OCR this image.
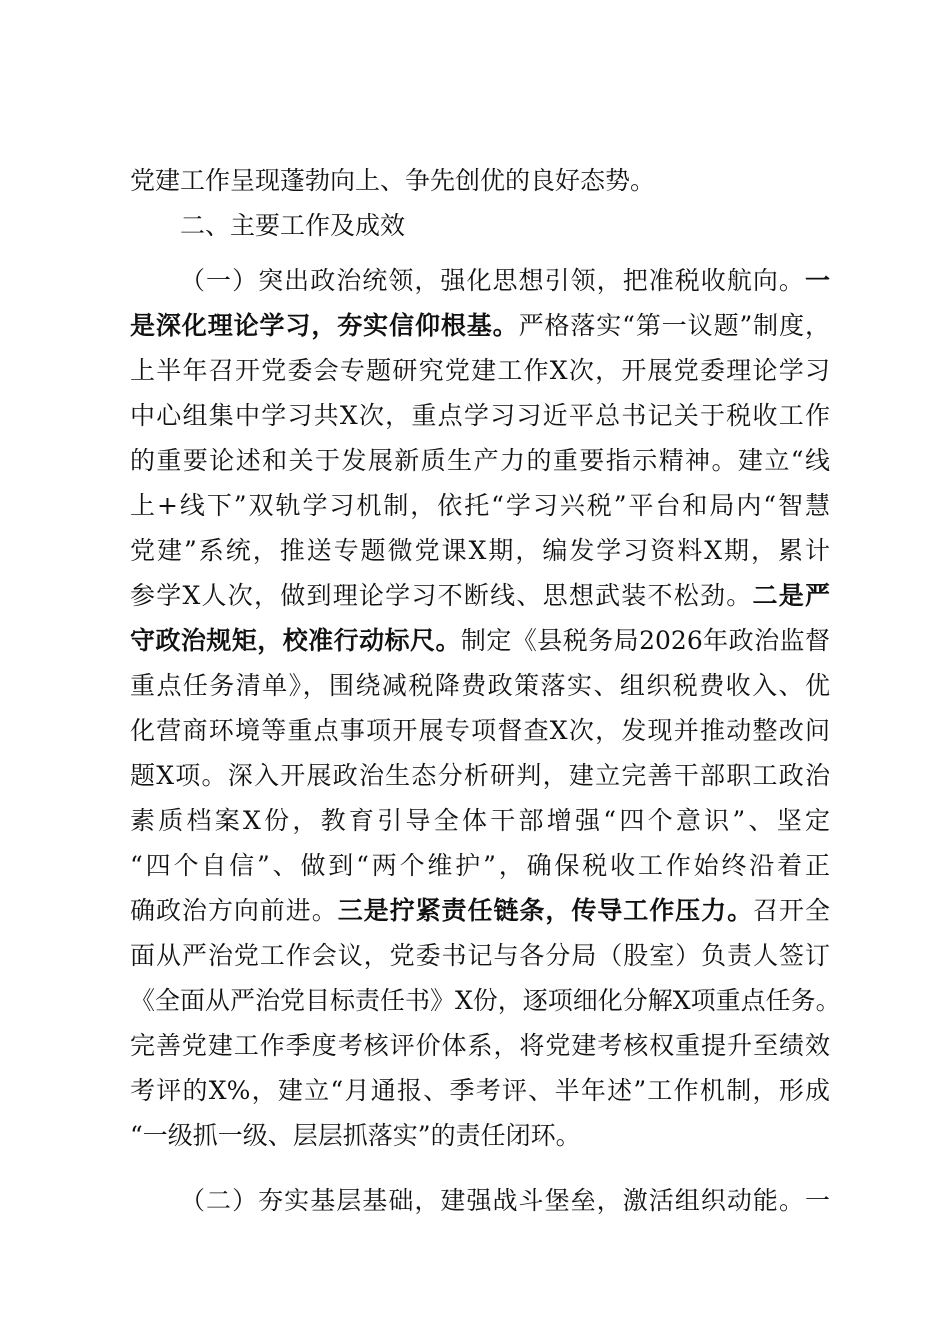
党建工作呈现蓬勃向上、争先创优的良好态势。
二、主要工作及成效
（一）突出政治统领，强化思想引领，把准税收航向。一
是深化理论学习，夯实信仰根基。严格落实“第一议题”制度，
上半年召开党委会专题研究党建工作X次，开展党委理论学习
中心组集中学习共X次，重点学习习近平总书记关于税收工作
的重要论述和关于发展新质生产力的重要指示精神。建立“线
上+线下”双轨学习机制，依托“学习兴税”平台和局内“智慧
党建”系统，推送专题微党课X期，编发学习资料X期，累计
参学X人次，做到理论学习不断线、思想武装不松劲。二是严
守政治规矩，校准行动标尺。制定《县税务局2026年政治监督
重点任务清单》，围绕减税降费政策落实、组织税费收入、优
化营商环境等重点事项开展专项督查X次，发现并推动整改问
题X项。深入开展政治生态分析研判，建立完善干部职工政治
素质档案X份，教育引导全体干部增强“四个意识”、坚定
“四个自信”、做到“两个维护”，确保税收工作始终沿着正
确政治方向前进。三是拧紧责任链条，传导工作压力。召开全
面从严治党工作会议，党委书记与各分局（股室）负责人签订
《全面从严治党目标责任书》X份，逐项细化分解X项重点任务。
完善党建工作季度考核评价体系，将党建考核权重提升至绩效
考评的X%，建立“月通报、季考评、半年述”工作机制，形成
“一级抓一级、层层抓落实”的责任闭环。
（二）夯实基层基础，建强战斗堡垒，激活组织动能。一
